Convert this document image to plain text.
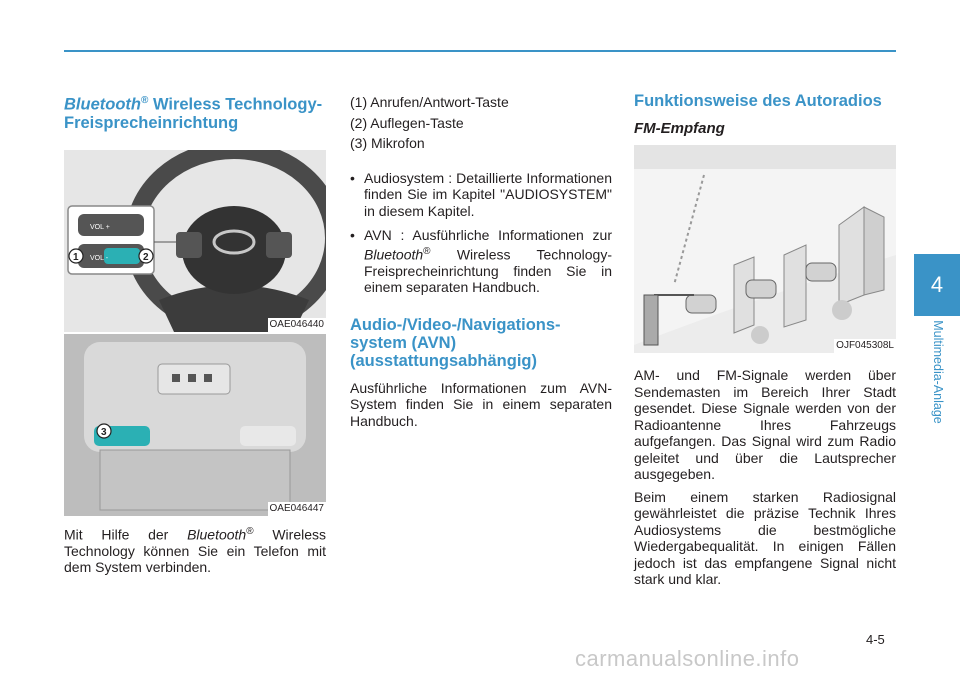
Bluetooth® Wireless Technology-Freisprecheinrichtung
VOL +
VOL -
1	2
OAE046440
3
OAE046447

Mit Hilfe der Bluetooth® Wireless Technology können Sie ein Telefon mit dem System verbinden.

(1) Anrufen/Antwort-Taste

(2) Auflegen-Taste

(3) Mikrofon

• Audiosystem : Detaillierte Informationen finden Sie im Kapitel "AUDIOSYSTEM" in diesem Kapitel.

• AVN : Ausführliche Informationen zur Bluetooth® Wireless Technology-Freisprecheinrichtung finden Sie in einem separaten Handbuch.

Audio-/Video-/Navigations-system (AVN) (ausstattungsabhängig)

Ausführliche Informationen zum AVN-System finden Sie in einem separaten Handbuch.

Funktionsweise des Autoradios
FM-Empfang
OJF045308L

AM- und FM-Signale werden über Sendemasten im Bereich Ihrer Stadt gesendet. Diese Signale werden von der Radioantenne Ihres Fahrzeugs aufgefangen. Das Signal wird zum Radio geleitet und über die Lautsprecher ausgegeben.

Beim einem starken Radiosignal gewährleistet die präzise Technik Ihres Audiosystems die bestmögliche Wiedergabequalität. In einigen Fällen jedoch ist das empfangene Signal nicht stark und klar.

4
Multimedia-Anlage
4-5
carmanualsonline.info
